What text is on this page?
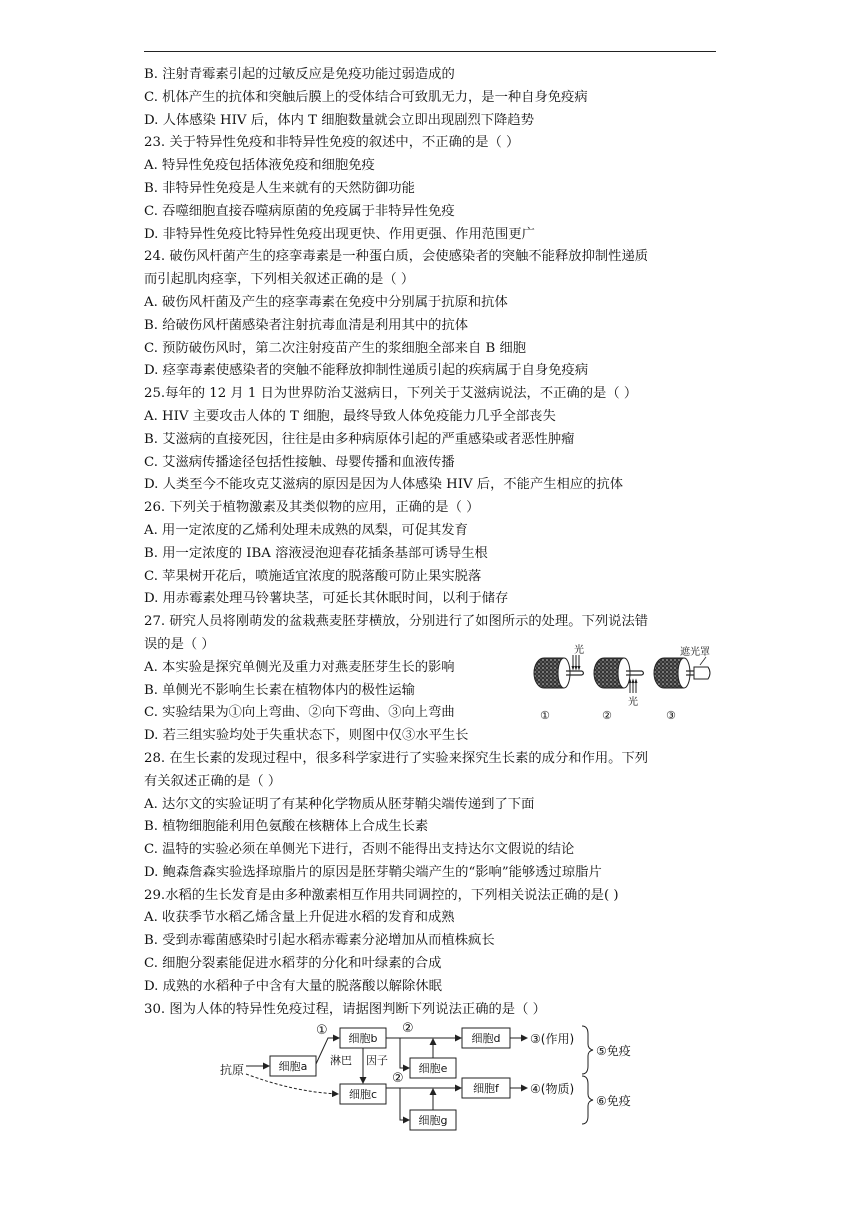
B. 注射青霉素引起的过敏反应是免疫功能过弱造成的
C. 机体产生的抗体和突触后膜上的受体结合可致肌无力，是一种自身免疫病
D. 人体感染 HIV 后，体内 T 细胞数量就会立即出现剧烈下降趋势
23. 关于特异性免疫和非特异性免疫的叙述中，不正确的是（ ）
A. 特异性免疫包括体液免疫和细胞免疫
B. 非特异性免疫是人生来就有的天然防御功能
C. 吞噬细胞直接吞噬病原菌的免疫属于非特异性免疫
D. 非特异性免疫比特异性免疫出现更快、作用更强、作用范围更广
24. 破伤风杆菌产生的痉挛毒素是一种蛋白质，会使感染者的突触不能释放抑制性递质
而引起肌肉痉挛，下列相关叙述正确的是（ ）
A. 破伤风杆菌及产生的痉挛毒素在免疫中分别属于抗原和抗体
B. 给破伤风杆菌感染者注射抗毒血清是利用其中的抗体
C. 预防破伤风时，第二次注射疫苗产生的浆细胞全部来自 B 细胞
D. 痉挛毒素使感染者的突触不能释放抑制性递质引起的疾病属于自身免疫病
25.每年的 12 月 1 日为世界防治艾滋病日，下列关于艾滋病说法，不正确的是（ ）
A. HIV 主要攻击人体的 T 细胞，最终导致人体免疫能力几乎全部丧失
B. 艾滋病的直接死因，往往是由多种病原体引起的严重感染或者恶性肿瘤
C. 艾滋病传播途径包括性接触、母婴传播和血液传播
D. 人类至今不能攻克艾滋病的原因是因为人体感染 HIV 后，不能产生相应的抗体
26. 下列关于植物激素及其类似物的应用，正确的是（ ）
A. 用一定浓度的乙烯利处理未成熟的凤梨，可促其发育
B. 用一定浓度的 IBA 溶液浸泡迎春花插条基部可诱导生根
C. 苹果树开花后，喷施适宜浓度的脱落酸可防止果实脱落
D. 用赤霉素处理马铃薯块茎，可延长其休眠时间，以利于储存
27. 研究人员将刚萌发的盆栽燕麦胚芽横放，分别进行了如图所示的处理。下列说法错
误的是（ ）
A. 本实验是探究单侧光及重力对燕麦胚芽生长的影响
B. 单侧光不影响生长素在植物体内的极性运输
C. 实验结果为①向上弯曲、②向下弯曲、③向上弯曲
D. 若三组实验均处于失重状态下，则图中仅③水平生长
28. 在生长素的发现过程中，很多科学家进行了实验来探究生长素的成分和作用。下列
有关叙述正确的是（ ）
A. 达尔文的实验证明了有某种化学物质从胚芽鞘尖端传递到了下面
B. 植物细胞能利用色氨酸在核糖体上合成生长素
C. 温特的实验必须在单侧光下进行，否则不能得出支持达尔文假说的结论
D. 鲍森詹森实验选择琼脂片的原因是胚芽鞘尖端产生的“影响”能够透过琼脂片
29.水稻的生长发育是由多种激素相互作用共同调控的，下列相关说法正确的是( )
A. 收获季节水稻乙烯含量上升促进水稻的发育和成熟
B. 受到赤霉菌感染时引起水稻赤霉素分泌增加从而植株疯长
C. 细胞分裂素能促进水稻芽的分化和叶绿素的合成
D. 成熟的水稻种子中含有大量的脱落酸以解除休眠
30. 图为人体的特异性免疫过程，请据图判断下列说法正确的是（ ）
光
光
遮光罩
①	②	③
抗原	细胞a
细胞b
细胞c
细胞e
细胞g
细胞d
细胞f
①	②
淋巴 因子
②
③(作用)
④(物质)
⑤免疫
⑥免疫
